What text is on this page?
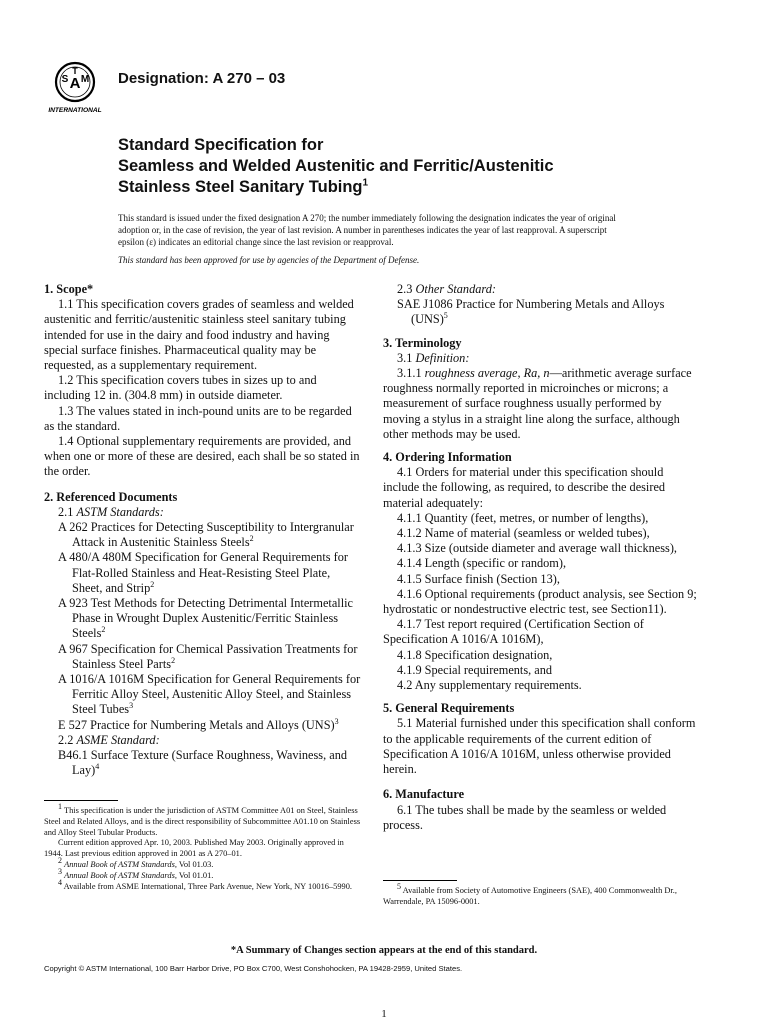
A
S M
T
INTERNATIONAL
Designation: A 270 – 03
Standard Specification for
Seamless and Welded Austenitic and Ferritic/Austenitic
Stainless Steel Sanitary Tubing$^1$

This standard is issued under the fixed designation A 270; the number immediately following the designation indicates the year of original adoption or, in the case of revision, the year of last revision. A number in parentheses indicates the year of last reapproval. A superscript epsilon (ε) indicates an editorial change since the last revision or reapproval.

This standard has been approved for use by agencies of the Department of Defense.

1. Scope*

1.1 This specification covers grades of seamless and welded austenitic and ferritic/austenitic stainless steel sanitary tubing intended for use in the dairy and food industry and having special surface finishes. Pharmaceutical quality may be requested, as a supplementary requirement.

1.2 This specification covers tubes in sizes up to and including 12 in. (304.8 mm) in outside diameter.

1.3 The values stated in inch-pound units are to be regarded as the standard.

1.4 Optional supplementary requirements are provided, and when one or more of these are desired, each shall be so stated in the order.

2. Referenced Documents

2.1 ASTM Standards:

A 262 Practices for Detecting Susceptibility to Intergranular Attack in Austenitic Stainless Steels$^2$

A 480/A 480M Specification for General Requirements for Flat-Rolled Stainless and Heat-Resisting Steel Plate, Sheet, and Strip$^2$

A 923 Test Methods for Detecting Detrimental Intermetallic Phase in Wrought Duplex Austenitic/Ferritic Stainless Steels$^2$

A 967 Specification for Chemical Passivation Treatments for Stainless Steel Parts$^2$

A 1016/A 1016M Specification for General Requirements for Ferritic Alloy Steel, Austenitic Alloy Steel, and Stainless Steel Tubes$^3$

E 527 Practice for Numbering Metals and Alloys (UNS)$^3$

2.2 ASME Standard:

B46.1 Surface Texture (Surface Roughness, Waviness, and Lay)$^4$

$^1$ This specification is under the jurisdiction of ASTM Committee A01 on Steel, Stainless Steel and Related Alloys, and is the direct responsibility of Subcommittee A01.10 on Stainless and Alloy Steel Tubular Products.

Current edition approved Apr. 10, 2003. Published May 2003. Originally approved in 1944. Last previous edition approved in 2001 as A 270–01.

$^2$ Annual Book of ASTM Standards, Vol 01.03.

$^3$ Annual Book of ASTM Standards, Vol 01.01.

$^4$ Available from ASME International, Three Park Avenue, New York, NY 10016–5990.

2.3 Other Standard:

SAE J1086 Practice for Numbering Metals and Alloys (UNS)$^5$

3. Terminology

3.1 Definition:

3.1.1 roughness average, Ra, n—arithmetic average surface roughness normally reported in microinches or microns; a measurement of surface roughness usually performed by moving a stylus in a straight line along the surface, although other methods may be used.

4. Ordering Information

4.1 Orders for material under this specification should include the following, as required, to describe the desired material adequately:

4.1.1 Quantity (feet, metres, or number of lengths),

4.1.2 Name of material (seamless or welded tubes),

4.1.3 Size (outside diameter and average wall thickness),

4.1.4 Length (specific or random),

4.1.5 Surface finish (Section 13),

4.1.6 Optional requirements (product analysis, see Section 9; hydrostatic or nondestructive electric test, see Section11).

4.1.7 Test report required (Certification Section of Specification A 1016/A 1016M),

4.1.8 Specification designation,

4.1.9 Special requirements, and

4.2 Any supplementary requirements.

5. General Requirements

5.1 Material furnished under this specification shall conform to the applicable requirements of the current edition of Specification A 1016/A 1016M, unless otherwise provided herein.

6. Manufacture

6.1 The tubes shall be made by the seamless or welded process.

$^5$ Available from Society of Automotive Engineers (SAE), 400 Commonwealth Dr., Warrendale, PA 15096-0001.

*A Summary of Changes section appears at the end of this standard.
Copyright © ASTM International, 100 Barr Harbor Drive, PO Box C700, West Conshohocken, PA 19428-2959, United States.
1
